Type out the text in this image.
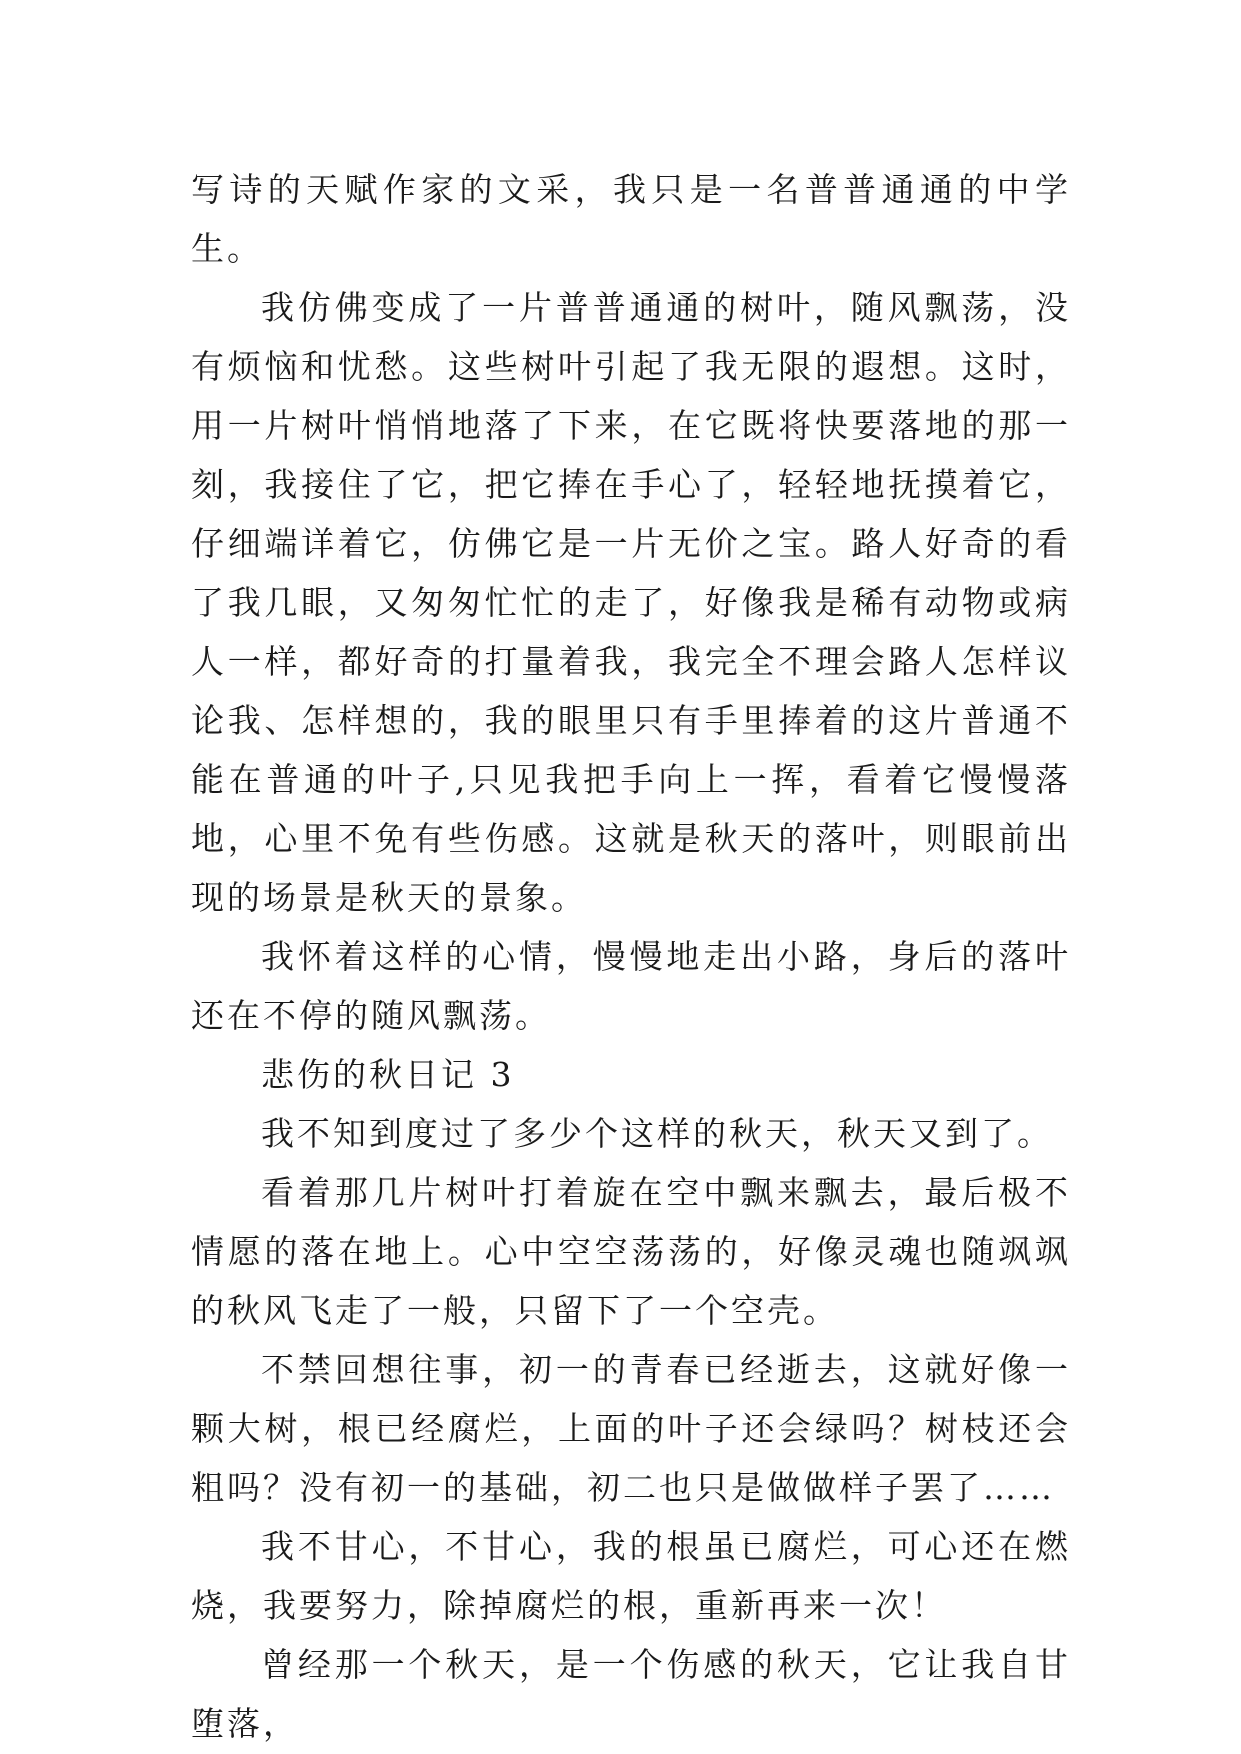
写诗的天赋作家的文采，我只是一名普普通通的中学生。

我仿佛变成了一片普普通通的树叶，随风飘荡，没有烦恼和忧愁。这些树叶引起了我无限的遐想。这时，用一片树叶悄悄地落了下来，在它既将快要落地的那一刻，我接住了它，把它捧在手心了，轻轻地抚摸着它，仔细端详着它，仿佛它是一片无价之宝。路人好奇的看了我几眼，又匆匆忙忙的走了，好像我是稀有动物或病人一样，都好奇的打量着我，我完全不理会路人怎样议论我、怎样想的，我的眼里只有手里捧着的这片普通不能在普通的叶子,只见我把手向上一挥，看着它慢慢落地，心里不免有些伤感。这就是秋天的落叶，则眼前出现的场景是秋天的景象。

我怀着这样的心情，慢慢地走出小路，身后的落叶还在不停的随风飘荡。

悲伤的秋日记 3

我不知到度过了多少个这样的秋天，秋天又到了。

看着那几片树叶打着旋在空中飘来飘去，最后极不情愿的落在地上。心中空空荡荡的，好像灵魂也随飒飒的秋风飞走了一般，只留下了一个空壳。

不禁回想往事，初一的青春已经逝去，这就好像一颗大树，根已经腐烂，上面的叶子还会绿吗？树枝还会粗吗？没有初一的基础，初二也只是做做样子罢了……

我不甘心，不甘心，我的根虽已腐烂，可心还在燃烧，我要努力，除掉腐烂的根，重新再来一次！

曾经那一个秋天，是一个伤感的秋天，它让我自甘堕落，
